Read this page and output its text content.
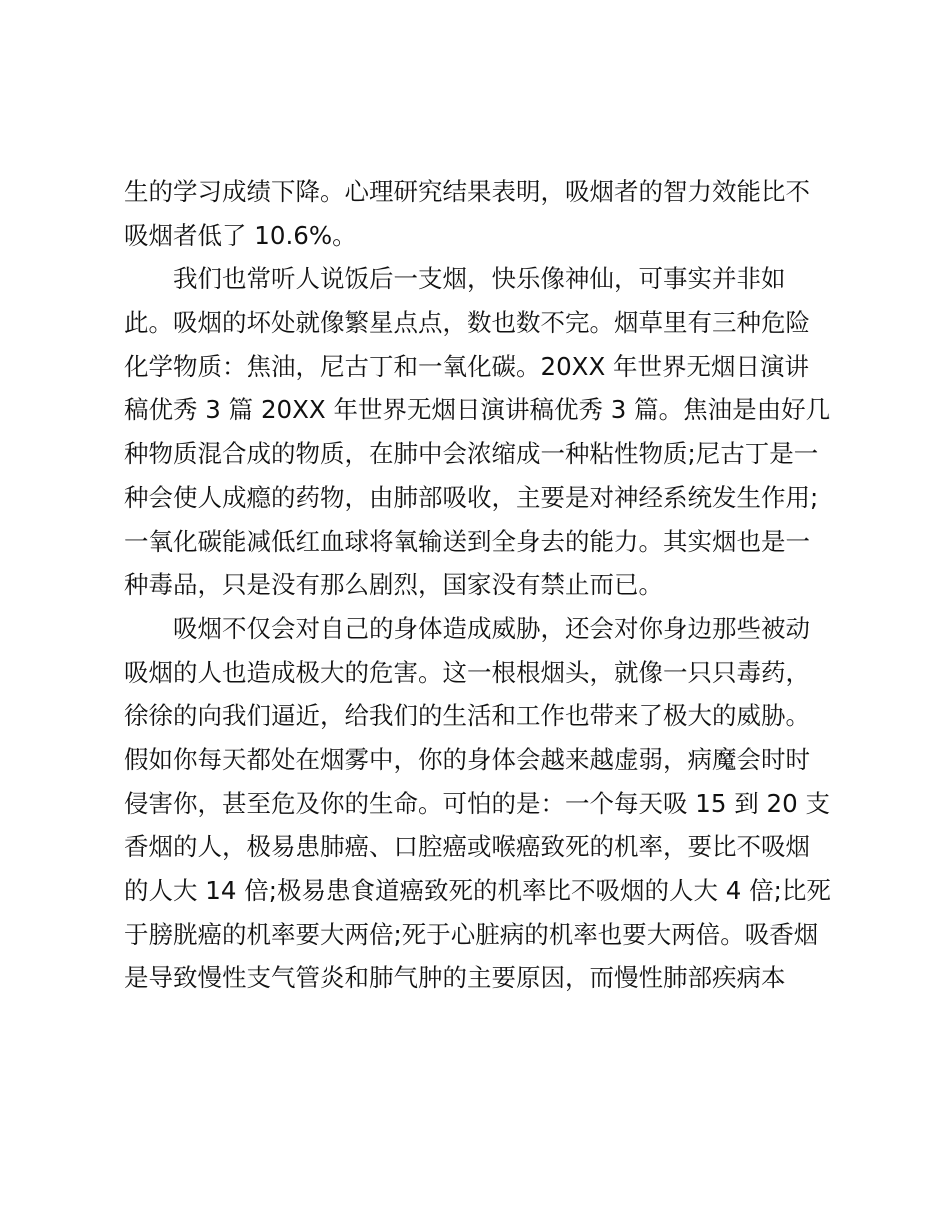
生的学习成绩下降。心理研究结果表明，吸烟者的智力效能比不
吸烟者低了 10.6%。
我们也常听人说饭后一支烟，快乐像神仙，可事实并非如
此。吸烟的坏处就像繁星点点，数也数不完。烟草里有三种危险
化学物质：焦油，尼古丁和一氧化碳。20XX 年世界无烟日演讲
稿优秀 3 篇 20XX 年世界无烟日演讲稿优秀 3 篇。焦油是由好几
种物质混合成的物质，在肺中会浓缩成一种粘性物质;尼古丁是一
种会使人成瘾的药物，由肺部吸收，主要是对神经系统发生作用;
一氧化碳能减低红血球将氧输送到全身去的能力。其实烟也是一
种毒品，只是没有那么剧烈，国家没有禁止而已。
吸烟不仅会对自己的身体造成威胁，还会对你身边那些被动
吸烟的人也造成极大的危害。这一根根烟头，就像一只只毒药，
徐徐的向我们逼近，给我们的生活和工作也带来了极大的威胁。
假如你每天都处在烟雾中，你的身体会越来越虚弱，病魔会时时
侵害你，甚至危及你的生命。可怕的是：一个每天吸 15 到 20 支
香烟的人，极易患肺癌、口腔癌或喉癌致死的机率，要比不吸烟
的人大 14 倍;极易患食道癌致死的机率比不吸烟的人大 4 倍;比死
于膀胱癌的机率要大两倍;死于心脏病的机率也要大两倍。吸香烟
是导致慢性支气管炎和肺气肿的主要原因，而慢性肺部疾病本
